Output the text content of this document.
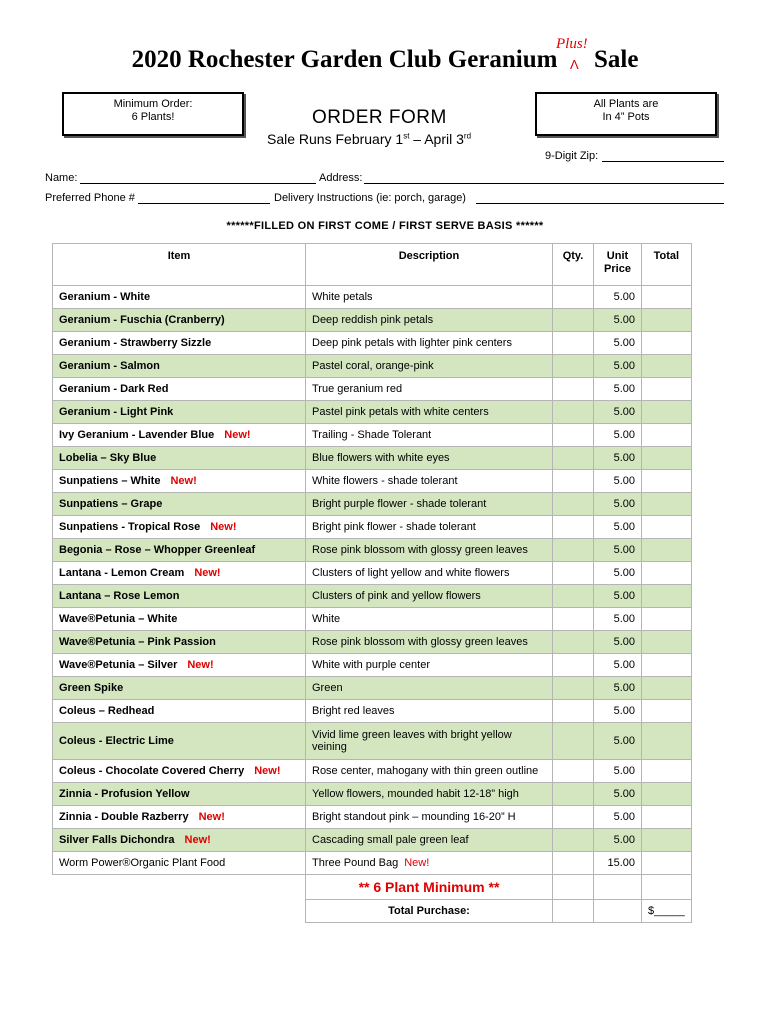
Plus!
Λ
2020 Rochester Garden Club Geranium Sale
Minimum Order:
6 Plants!
All Plants are
In 4” Pots
ORDER FORM
Sale Runs February 1st – April 3rd
9-Digit Zip:
Name:	Address:
Preferred Phone #	Delivery Instructions (ie: porch, garage)
******FILLED ON FIRST COME / FIRST SERVE BASIS ******
Item	Description	Qty.	Unit Price	Total
Geranium - White	White petals		5.00	
Geranium - Fuschia (Cranberry)	Deep reddish pink petals		5.00	
Geranium - Strawberry Sizzle	Deep pink petals with lighter pink centers		5.00	
Geranium - Salmon	Pastel coral, orange-pink		5.00	
Geranium - Dark Red	True geranium red		5.00	
Geranium - Light Pink	Pastel pink petals with white centers		5.00	
Ivy Geranium - Lavender Blue New!	Trailing - Shade Tolerant		5.00	
Lobelia – Sky Blue	Blue flowers with white eyes		5.00	
Sunpatiens – White New!	White flowers - shade tolerant		5.00	
Sunpatiens – Grape	Bright purple flower - shade tolerant		5.00	
Sunpatiens - Tropical Rose New!	Bright pink flower - shade tolerant		5.00	
Begonia – Rose – Whopper Greenleaf	Rose pink blossom with glossy green leaves		5.00	
Lantana - Lemon Cream New!	Clusters of light yellow and white flowers		5.00	
Lantana – Rose Lemon	Clusters of pink and yellow flowers		5.00	
Wave®Petunia – White	White		5.00	
Wave®Petunia – Pink Passion	Rose pink blossom with glossy green leaves		5.00	
Wave®Petunia – Silver New!	White with purple center		5.00	
Green Spike	Green		5.00	
Coleus – Redhead	Bright red leaves		5.00	
Coleus - Electric Lime	Vivid lime green leaves with bright yellow veining		5.00	
Coleus - Chocolate Covered Cherry New!	Rose center, mahogany with thin green outline		5.00	
Zinnia - Profusion Yellow	Yellow flowers, mounded habit 12-18” high		5.00	
Zinnia - Double Razberry New!	Bright standout pink – mounding 16-20” H		5.00	
Silver Falls Dichondra New!	Cascading small pale green leaf		5.00	
Worm Power®Organic Plant Food	Three Pound Bag New!		15.00	
	** 6 Plant Minimum **			
	Total Purchase:			$_____
